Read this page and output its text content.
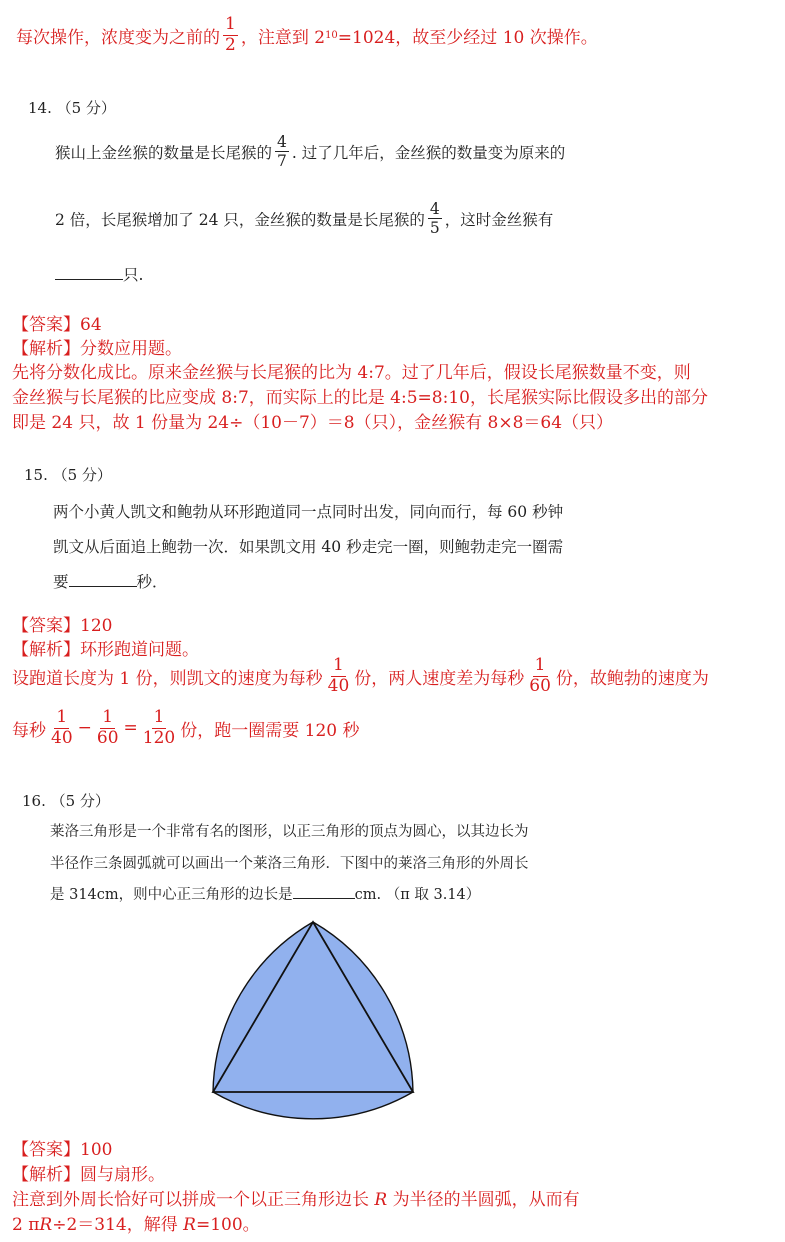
每次操作，浓度变为之前的 $\frac{1}{2}$ ，注意到 2 10 =1024，故至少经过 10 次操作。
14. （5 分）
猴山上金丝猴的数量是长尾猴的 $\frac{4}{7}$ . 过了几年后，金丝猴的数量变为原来的
2 倍，长尾猴增加了 24 只，金丝猴的数量是长尾猴的 $\frac{4}{5}$ ，这时金丝猴有
只.
【答案】64
【解析】分数应用题。
先将分数化成比。原来金丝猴与长尾猴的比为 4:7。过了几年后，假设长尾猴数量不变，则
金丝猴与长尾猴的比应变成 8:7，而实际上的比是 4:5=8:10，长尾猴实际比假设多出的部分
即是 24 只，故 1 份量为 24÷（10－7）＝8（只），金丝猴有 8×8＝64（只）
15. （5 分）
两个小黄人凯文和鲍勃从环形跑道同一点同时出发，同向而行，每 60 秒钟
凯文从后面追上鲍勃一次．如果凯文用 40 秒走完一圈，则鲍勃走完一圈需
要	秒．
【答案】120
【解析】环形跑道问题。
设跑道长度为 1 份，则凯文的速度为每秒 $\frac{1}{40}$ 份，两人速度差为每秒 $\frac{1}{60}$ 份，故鲍勃的速度为
每秒 $\frac{1}{40} - \frac{1}{60} = \frac{1}{120}$ 份，跑一圈需要 120 秒
16. （5 分）
莱洛三角形是一个非常有名的图形，以正三角形的顶点为圆心，以其边长为
半径作三条圆弧就可以画出一个莱洛三角形．下图中的莱洛三角形的外周长
是 314cm，则中心正三角形的边长是	cm. （π 取 3.14）
【答案】100
【解析】圆与扇形。
注意到外周长恰好可以拼成一个以正三角形边长 R 为半径的半圆弧，从而有
2 πR÷2＝314，解得 R=100。
